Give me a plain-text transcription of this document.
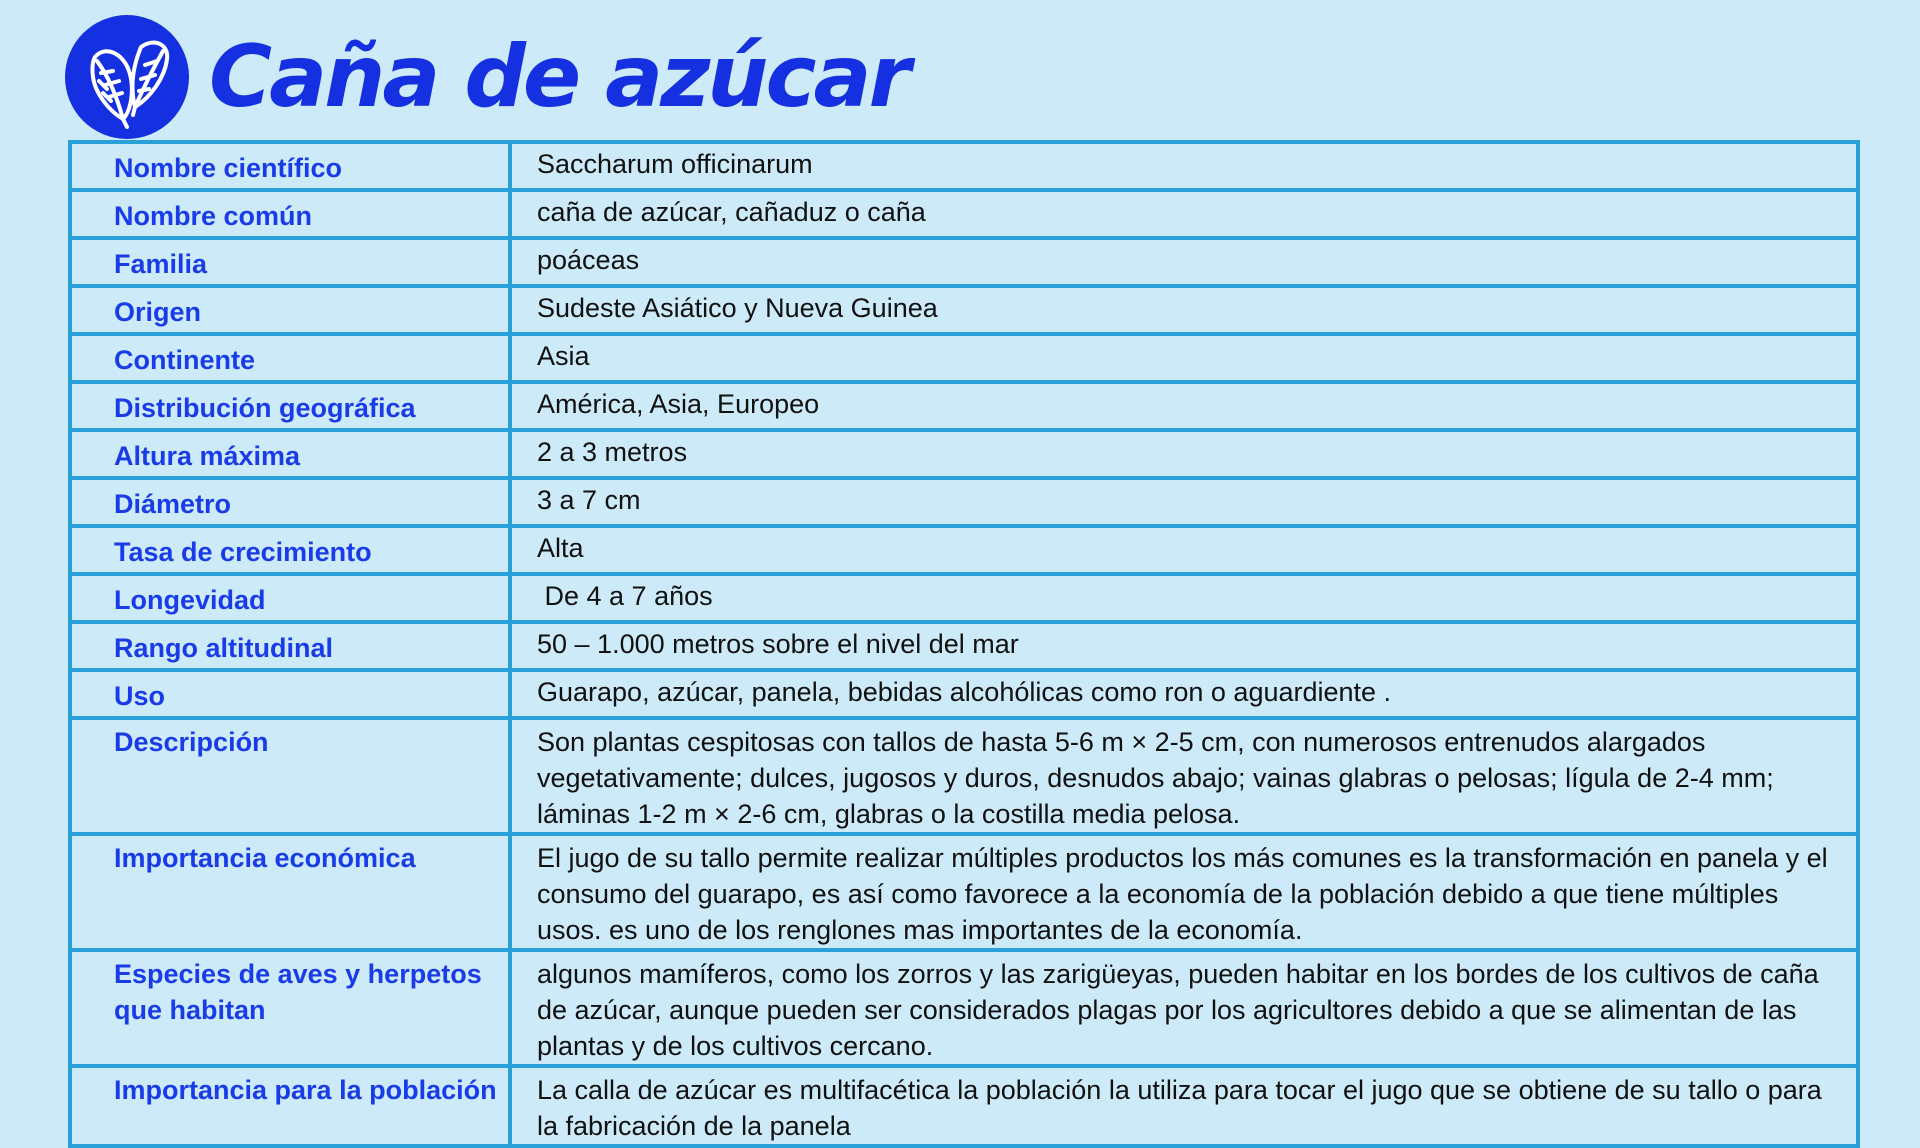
Caña de azúcar
Nombre científico	Saccharum officinarum
Nombre común	caña de azúcar, cañaduz o caña
Familia	poáceas
Origen	Sudeste Asiático y Nueva Guinea
Continente	Asia
Distribución geográfica	América, Asia, Europeo
Altura máxima	2 a 3 metros
Diámetro	3 a 7 cm
Tasa de crecimiento	Alta
Longevidad	De 4 a 7 años
Rango altitudinal	50 – 1.000 metros sobre el nivel del mar
Uso	Guarapo, azúcar, panela, bebidas alcohólicas como ron o aguardiente .
Descripción	Son plantas cespitosas con tallos de hasta 5-6 m × 2-5 cm, con numerosos entrenudos alargados vegetativamente; dulces, jugosos y duros, desnudos abajo; vainas glabras o pelosas; lígula de 2-4 mm; láminas 1-2 m × 2-6 cm, glabras o la costilla media pelosa.
Importancia económica	El jugo de su tallo permite realizar múltiples productos los más comunes es la transformación en panela y el consumo del guarapo, es así como favorece a la economía de la población debido a que tiene múltiples usos. es uno de los renglones mas importantes de la economía.
Especies de aves y herpetos que habitan	algunos mamíferos, como los zorros y las zarigüeyas, pueden habitar en los bordes de los cultivos de caña de azúcar, aunque pueden ser considerados plagas por los agricultores debido a que se alimentan de las plantas y de los cultivos cercano.
Importancia para la población	La calla de azúcar es multifacética la población la utiliza para tocar el jugo que se obtiene de su tallo o para la fabricación de la panela
